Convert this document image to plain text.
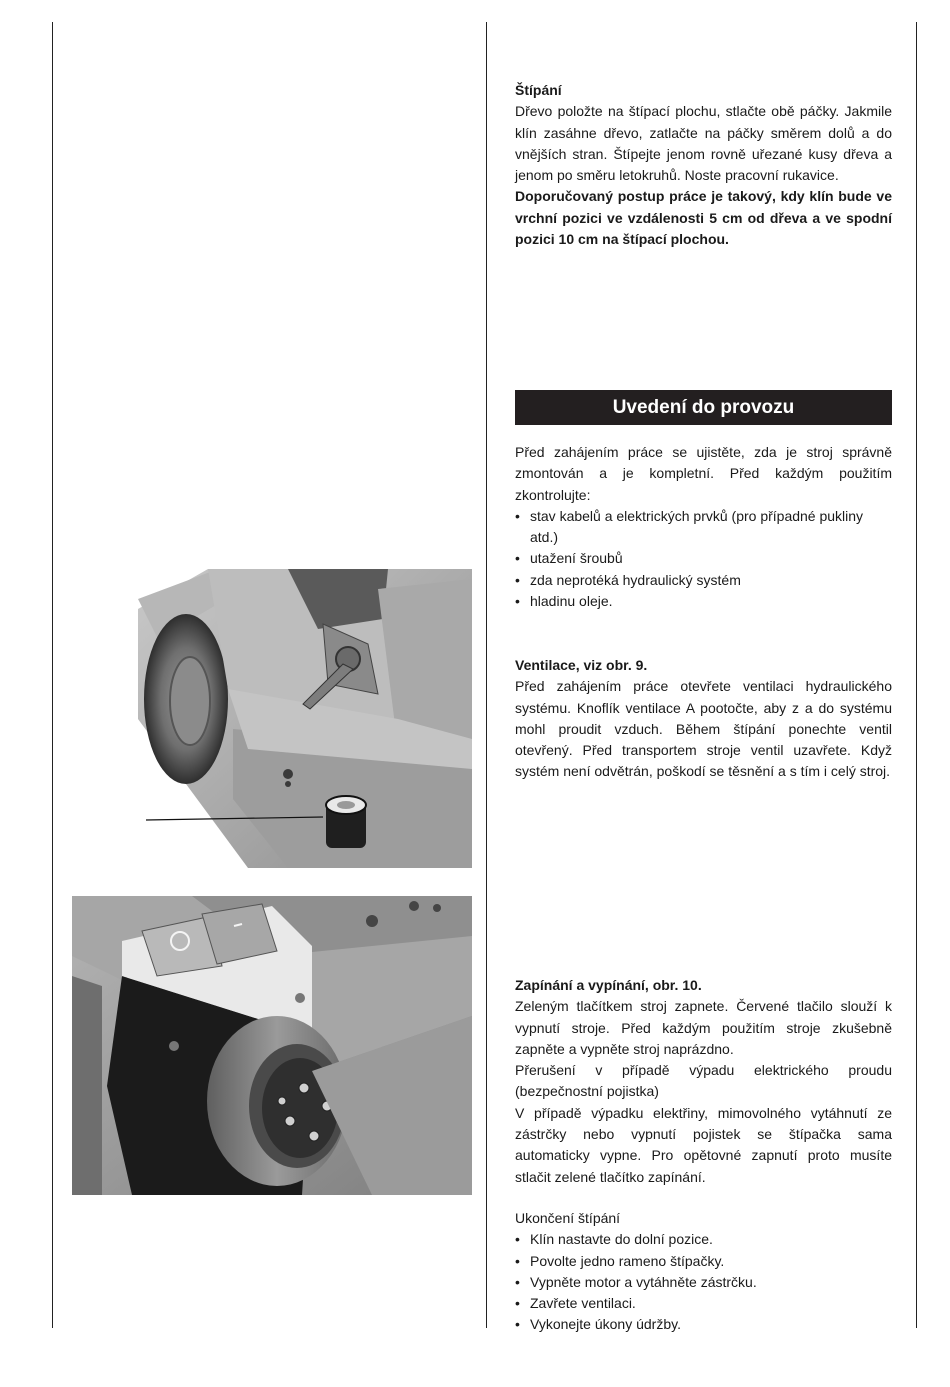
Štípání

Dřevo položte na štípací plochu, stlačte obě páčky. Jakmile klín zasáhne dřevo, zatlačte na páčky směrem dolů a do vnějších stran. Štípejte jenom rovně uřezané kusy dřeva a jenom po směru letokruhů. Noste pracovní rukavice.

Doporučovaný postup práce je takový, kdy klín bude ve vrchní pozici ve vzdálenosti 5 cm od dřeva a ve spodní pozici 10 cm na štípací plochou.

Uvedení do provozu

Před zahájením práce se ujistěte, zda je stroj správně zmontován a je kompletní. Před každým použitím zkontrolujte:

• stav kabelů a elektrických prvků (pro případné pukliny atd.)
• utažení šroubů
• zda neprotéká hydraulický systém
• hladinu oleje.

Ventilace, viz obr. 9.

Před zahájením práce otevřete ventilaci hydraulického systému. Knoflík ventilace A pootočte, aby z a do systému mohl proudit vzduch. Během štípání ponechte ventil otevřený. Před transportem stroje ventil uzavřete. Když systém není odvětrán, poškodí se těsnění a s tím i celý stroj.

Zapínání a vypínání, obr. 10.

Zeleným tlačítkem stroj zapnete. Červené tlačilo slouží k vypnutí stroje. Před každým použitím stroje zkušebně zapněte a vypněte stroj naprázdno.

Přerušení v případě výpadu elektrického proudu (bezpečnostní pojistka)

V případě výpadku elektřiny, mimovolného vytáhnutí ze zástrčky nebo vypnutí pojistek se štípačka sama automaticky vypne. Pro opětovné zapnutí proto musíte stlačit zelené tlačítko zapínání.

Ukončení štípání

• Klín nastavte do dolní pozice.
• Povolte jedno rameno štípačky.
• Vypněte motor a vytáhněte zástrčku.
• Zavřete ventilaci.
• Vykonejte úkony údržby.
